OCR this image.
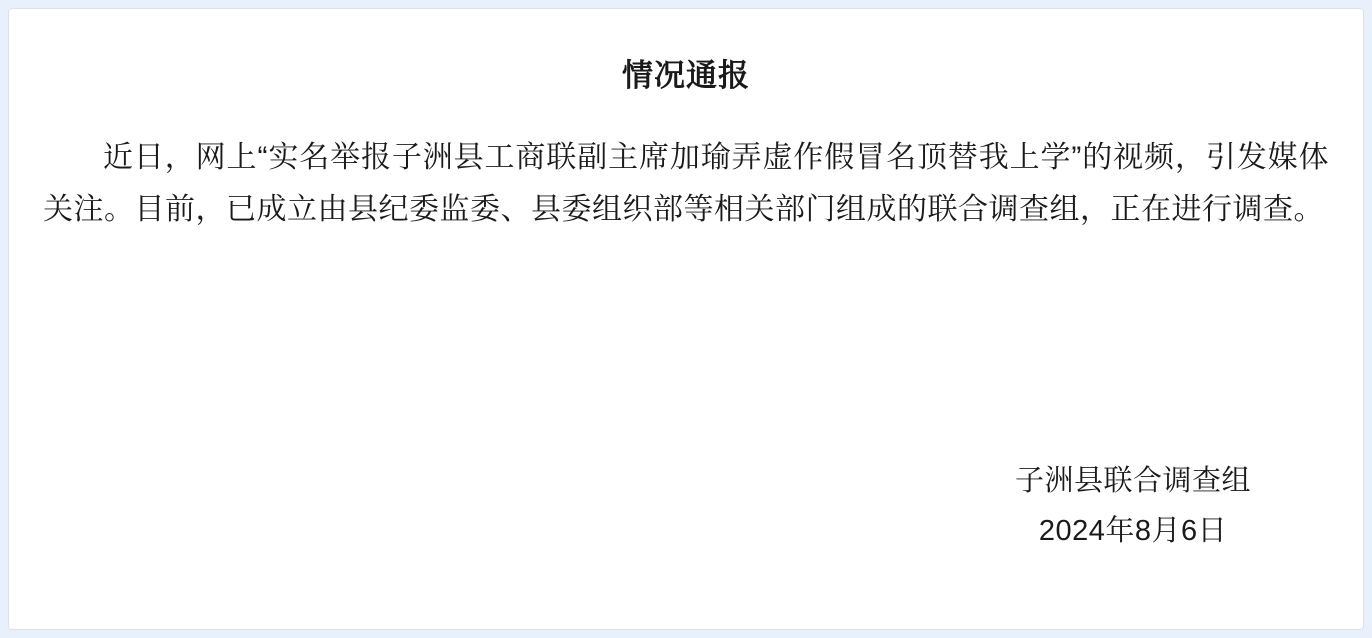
情况通报

近日，网上“实名举报子洲县工商联副主席加瑜弄虚作假冒名顶替我上学”的视频，引发媒体关注。目前，已成立由县纪委监委、县委组织部等相关部门组成的联合调查组，正在进行调查。

子洲县联合调查组
2024年8月6日
